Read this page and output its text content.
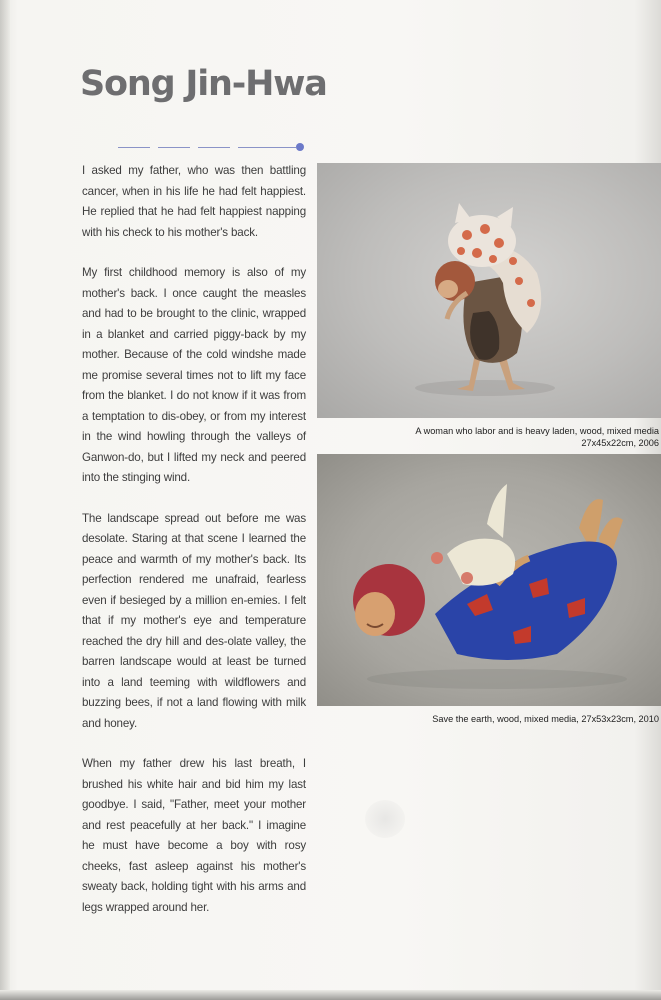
Song Jin-Hwa

I asked my father, who was then battling cancer, when in his life he had felt happiest. He replied that he had felt happiest napping with his check to his mother's back.

My first childhood memory is also of my mother's back. I once caught the measles and had to be brought to the clinic, wrapped in a blanket and carried piggy-back by my mother. Because of the cold windshe made me promise several times not to lift my face from the blanket. I do not know if it was from a temptation to dis-obey, or from my interest in the wind howling through the valleys of Ganwon-do, but I lifted my neck and peered into the stinging wind.

The landscape spread out before me was desolate. Staring at that scene I learned the peace and warmth of my mother's back. Its perfection rendered me unafraid, fearless even if besieged by a million en-emies. I felt that if my mother's eye and temperature reached the dry hill and des-olate valley, the barren landscape would at least be turned into a land teeming with wildflowers and buzzing bees, if not a land flowing with milk and honey.

When my father drew his last breath, I brushed his white hair and bid him my last goodbye. I said, "Father, meet your mother and rest peacefully at her back." I imagine he must have become a boy with rosy cheeks, fast asleep against his mother's sweaty back, holding tight with his arms and legs wrapped around her.

A woman who labor and is heavy laden, wood, mixed media
27x45x22cm, 2006
Save the earth, wood, mixed media, 27x53x23cm, 2010
